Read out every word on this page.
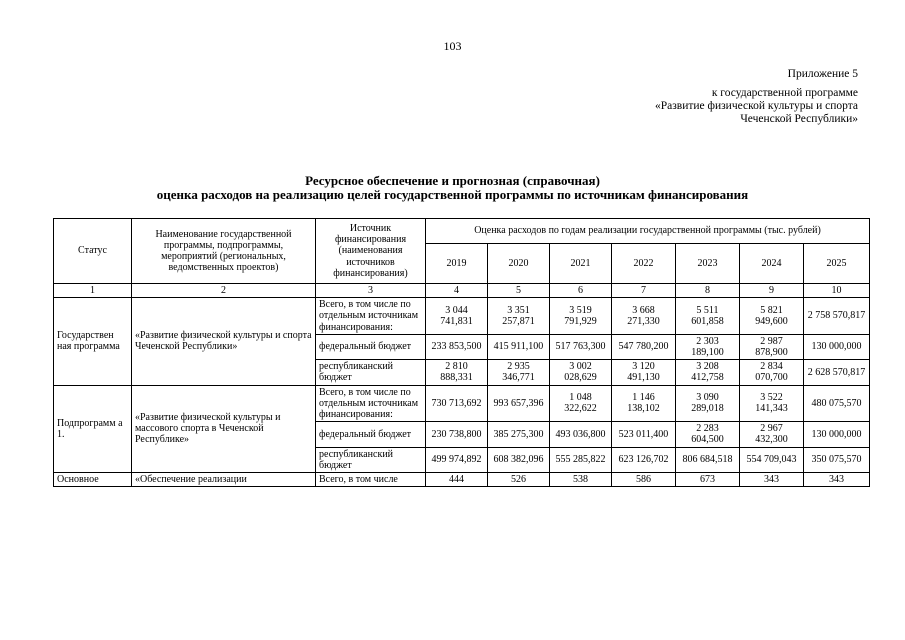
103
Приложение 5
к государственной программе
«Развитие физической культуры и спорта
Чеченской Республики»
Ресурсное обеспечение и прогнозная (справочная)
оценка расходов на реализацию целей государственной программы по источникам финансирования
Статус	Наименование государственной программы, подпрограммы, мероприятий (региональных, ведомственных проектов)	Источник финансирования (наименования источников финансирования)	Оценка расходов по годам реализации государственной программы (тыс. рублей)						
			2019	2020	2021	2022	2023	2024	2025
1	2	3	4	5	6	7	8	9	10
Государствен ная программа	«Развитие физической культуры и спорта Чеченской Республики»	Всего, в том числе по отдельным источникам финансирования:	3 044 741,831	3 351 257,871	3 519 791,929	3 668 271,330	5 511 601,858	5 821 949,600	2 758 570,817
		федеральный бюджет	233 853,500	415 911,100	517 763,300	547 780,200	2 303 189,100	2 987 878,900	130 000,000
		республиканский бюджет	2 810 888,331	2 935 346,771	3 002 028,629	3 120 491,130	3 208 412,758	2 834 070,700	2 628 570,817
Подпрограмм а 1.	«Развитие физической культуры и массового спорта в Чеченской Республике»	Всего, в том числе по отдельным источникам финансирования:	730 713,692	993 657,396	1 048 322,622	1 146 138,102	3 090 289,018	3 522 141,343	480 075,570
		федеральный бюджет	230 738,800	385 275,300	493 036,800	523 011,400	2 283 604,500	2 967 432,300	130 000,000
		республиканский бюджет	499 974,892	608 382,096	555 285,822	623 126,702	806 684,518	554 709,043	350 075,570
Основное	«Обеспечение реализации	Всего, в том числе	444	526	538	586	673	343	343
